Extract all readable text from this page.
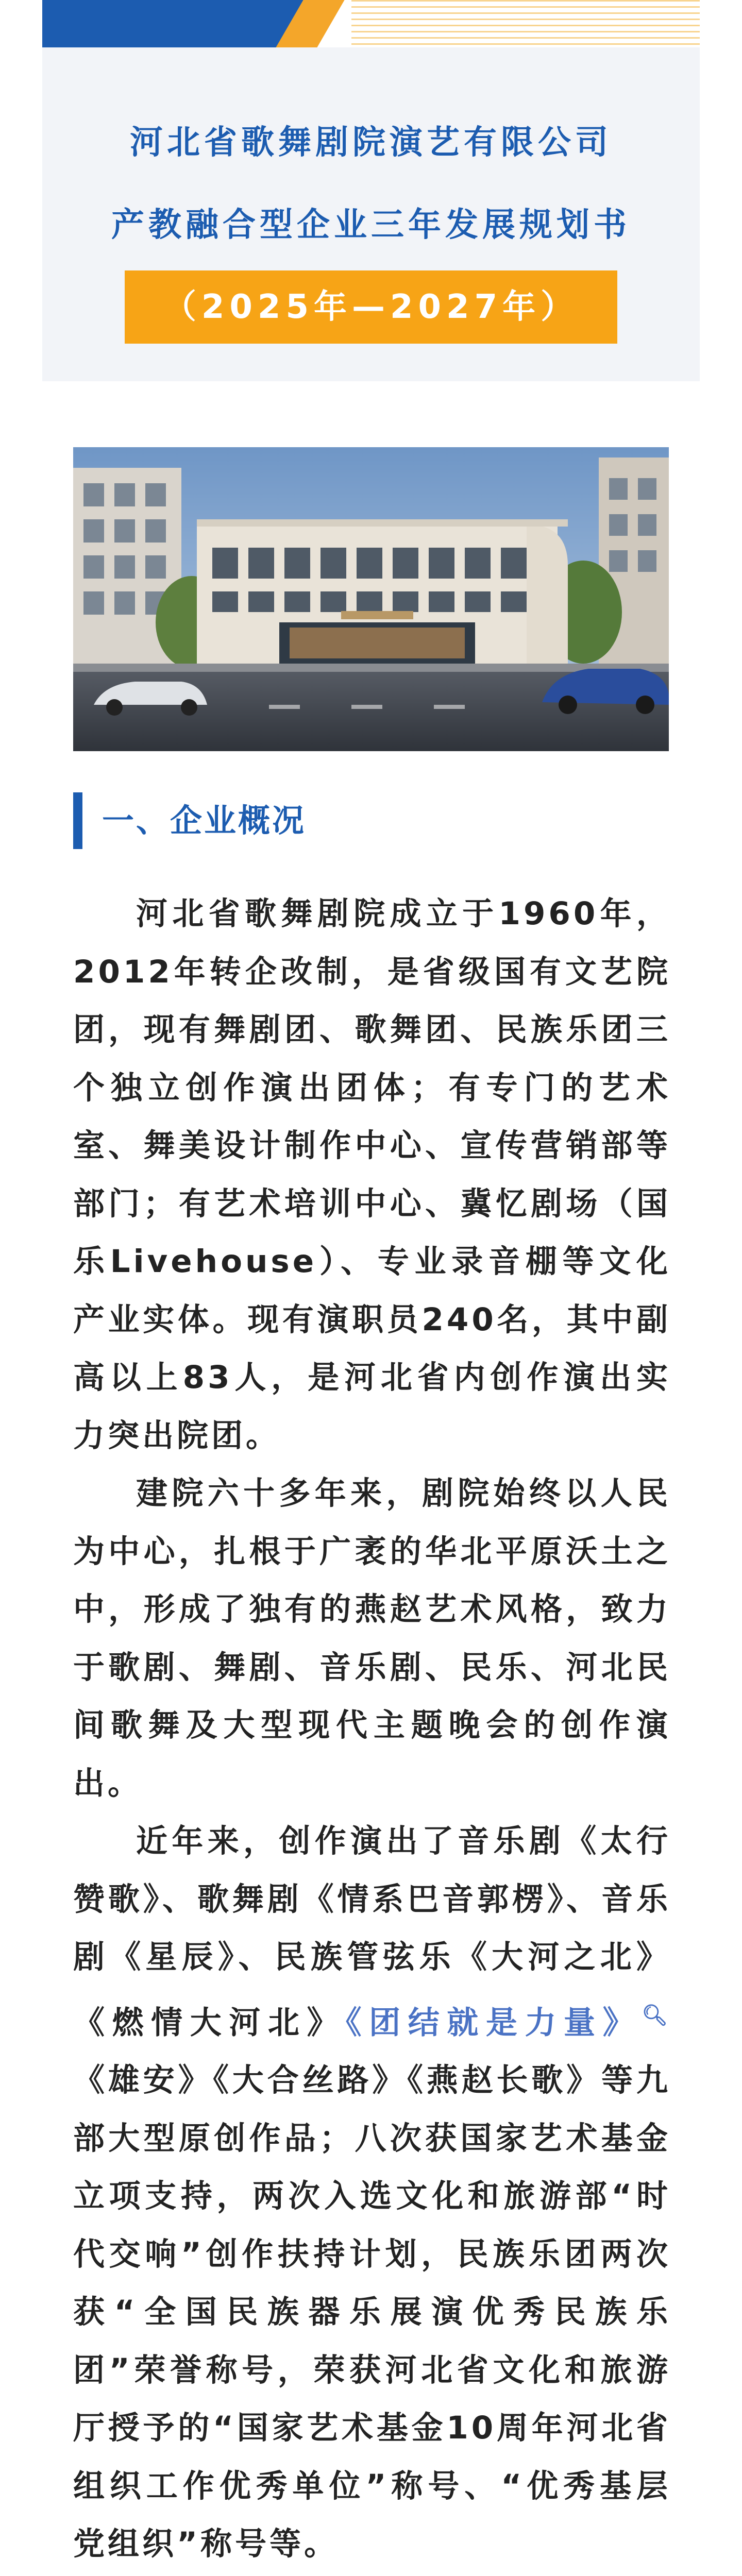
河北省歌舞剧院演艺有限公司
产教融合型企业三年发展规划书
（2025年—2027年）
一、企业概况

河北省歌舞剧院成立于1960年，2012年转企改制，是省级国有文艺院团，现有舞剧团、歌舞团、民族乐团三个独立创作演出团体；有专门的艺术室、舞美设计制作中心、宣传营销部等部门；有艺术培训中心、冀忆剧场（国乐Livehouse）、专业录音棚等文化产业实体。现有演职员240名，其中副高以上83人，是河北省内创作演出实力突出院团。

建院六十多年来，剧院始终以人民为中心，扎根于广袤的华北平原沃土之中，形成了独有的燕赵艺术风格，致力于歌剧、舞剧、音乐剧、民乐、河北民间歌舞及大型现代主题晚会的创作演出。

近年来，创作演出了音乐剧《太行赞歌》、歌舞剧《情系巴音郭楞》、音乐剧《星辰》、民族管弦乐《大河之北》《燃情大河北》《团结就是力量》🔍︎《雄安》《大合丝路》《燕赵长歌》等九部大型原创作品；八次获国家艺术基金立项支持，两次入选文化和旅游部“时代交响”创作扶持计划，民族乐团两次获“全国民族器乐展演优秀民族乐团”荣誉称号，荣获河北省文化和旅游厅授予的“国家艺术基金10周年河北省组织工作优秀单位”称号、“优秀基层党组织”称号等。
